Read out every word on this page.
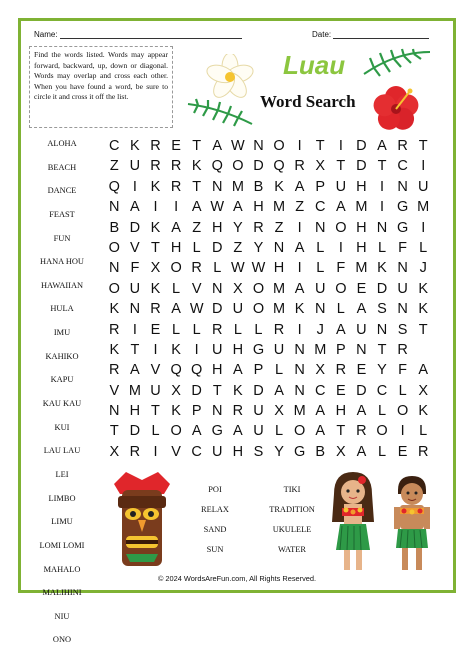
Name:	Date:
Find the words listed. Words may appear forward, backward, up, down or diagonal. Words may overlap and cross each other. When you have found a word, be sure to circle it and cross it off the list.
Luau
Word Search
ALOHA
BEACH
DANCE
FEAST
FUN
HANA HOU
HAWAIIAN
HULA
IMU
KAHIKO
KAPU
KAU KAU
KUI
LAU LAU
LEI
LIMBO
LIMU
LOMI LOMI
MAHALO
MALIHINI
NIU
ONO
C K R E T A W N O I T I D A R T
Z U R R K Q O D Q R X T D T C I
Q I K R T N M B K A P U H I N U
N A I	I A W A H M Z C A M I G M
B D K A Z H Y R Z I N O H N G I
O V T H L D Z Y N A L	I H L F L
N F X O R L W W H I	L F M K N J
O U K L V N X O M A U O E D U K
K N R A W D U O M K N L A S N K
R I E L L R L L R I	J A U N S T
K T I K I U H G U N M P N T R
R A V Q Q H A P L N X R E Y F A
V M U X D T K D A N C E D C L X
N H T K P N R U X M A H A L O K
T D L O A G A U L O A T R O I	L
X R I V C U H S Y G B X A L E R
POI
RELAX
SAND
SUN
TIKI
TRADITION
UKULELE
WATER
© 2024 WordsAreFun.com, All Rights Reserved.
